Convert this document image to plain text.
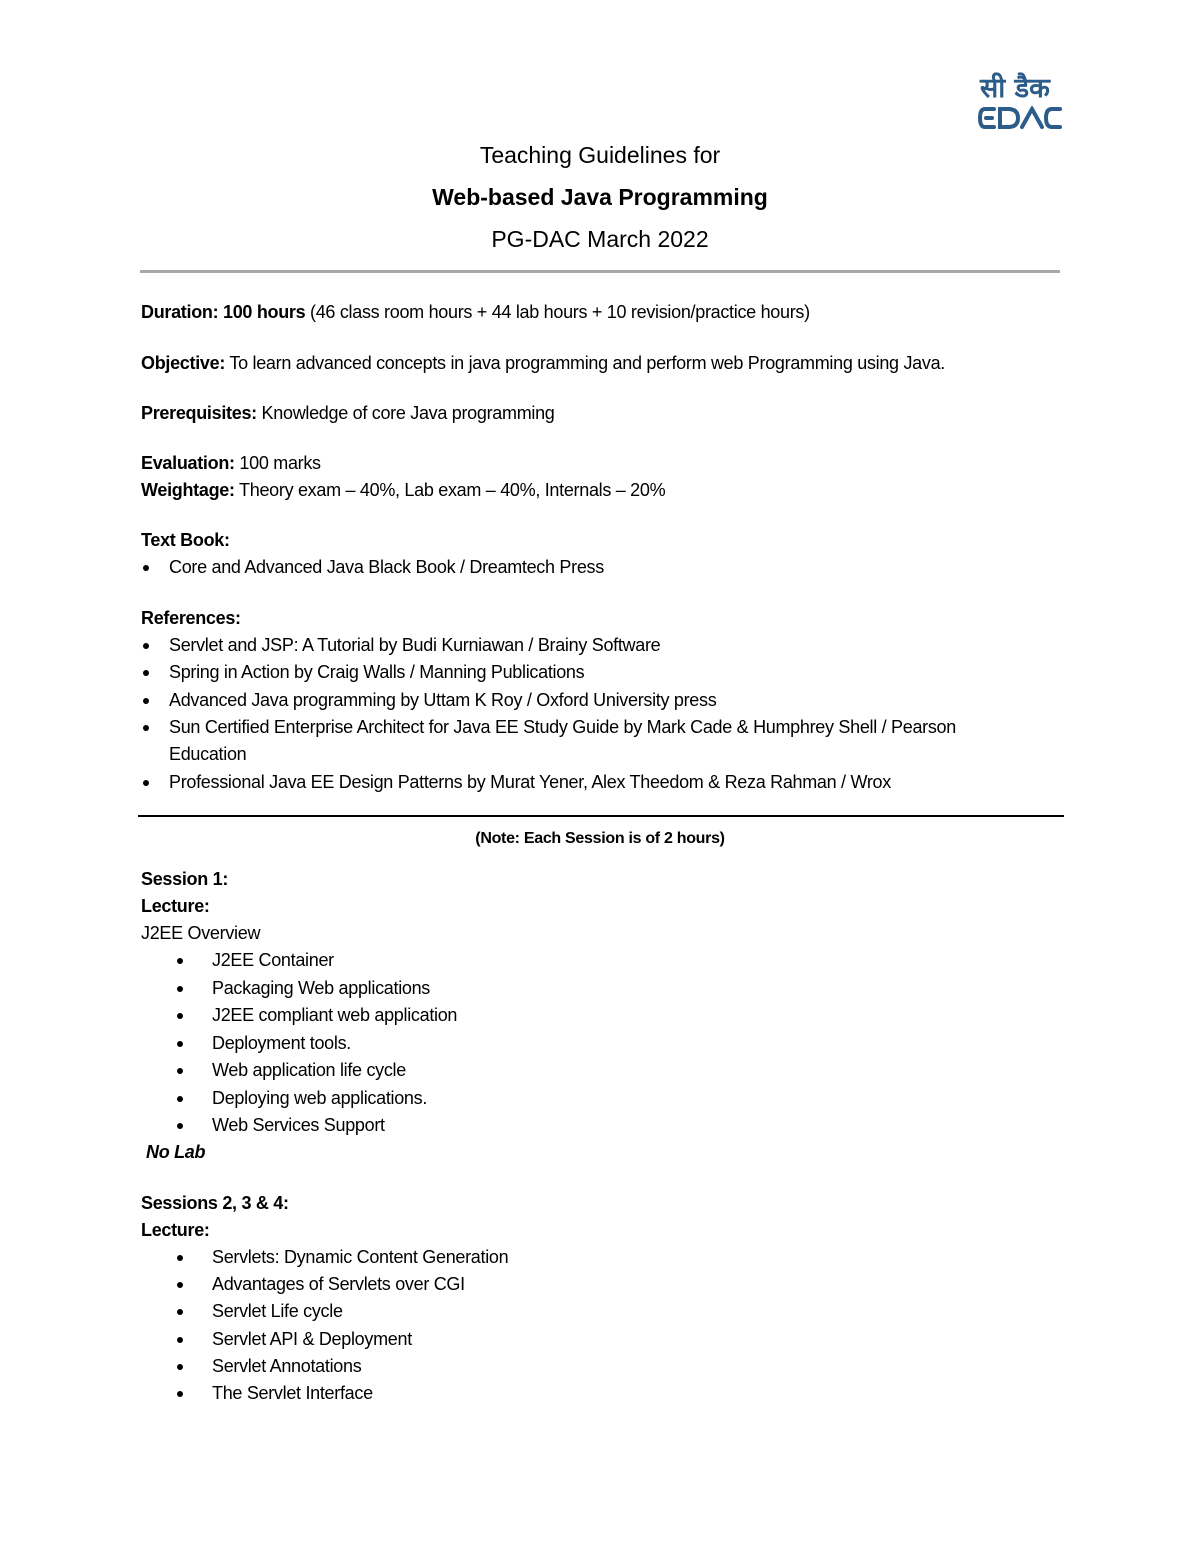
सी डैक
Teaching Guidelines for
Web-based Java Programming
PG-DAC March 2022
Duration: 100 hours (46 class room hours + 44 lab hours + 10 revision/practice hours)
Objective: To learn advanced concepts in java programming and perform web Programming using Java.
Prerequisites: Knowledge of core Java programming
Evaluation: 100 marks
Weightage: Theory exam – 40%, Lab exam – 40%, Internals – 20%
Text Book:
Core and Advanced Java Black Book / Dreamtech Press
References:
Servlet and JSP: A Tutorial by Budi Kurniawan / Brainy Software
Spring in Action by Craig Walls / Manning Publications
Advanced Java programming by Uttam K Roy / Oxford University press
Sun Certified Enterprise Architect for Java EE Study Guide by Mark Cade & Humphrey Shell / Pearson
Education
Professional Java EE Design Patterns by Murat Yener, Alex Theedom & Reza Rahman / Wrox
(Note: Each Session is of 2 hours)
Session 1:
Lecture:
J2EE Overview
J2EE Container
Packaging Web applications
J2EE compliant web application
Deployment tools.
Web application life cycle
Deploying web applications.
Web Services Support
No Lab
Sessions 2, 3 & 4:
Lecture:
Servlets: Dynamic Content Generation
Advantages of Servlets over CGI
Servlet Life cycle
Servlet API & Deployment
Servlet Annotations
The Servlet Interface
